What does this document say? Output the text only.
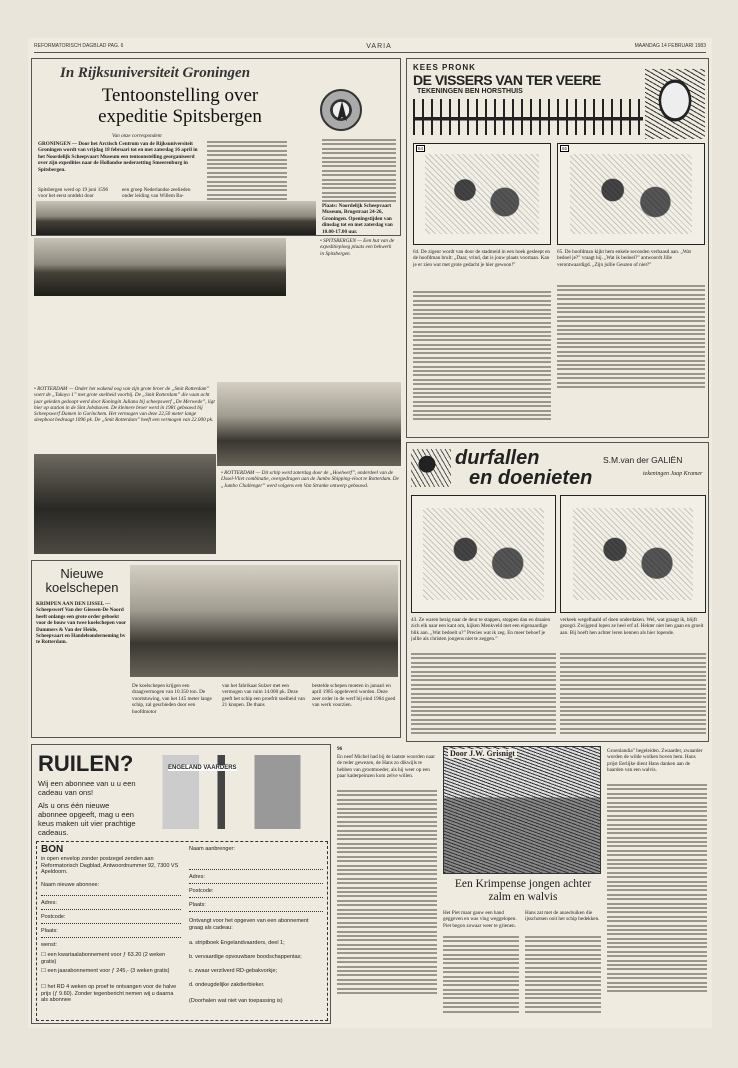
REFORMATORISCH DAGBLAD PAG. 6	VARIA	MAANDAG 14 FEBRUARI 1983
In Rijksuniversiteit Groningen
Tentoonstelling over expeditie Spitsbergen
Van onze correspondent
GRONINGEN — Door het Arctisch Centrum van de Rijksuniversiteit Groningen wordt van vrijdag 18 februari tot en met zaterdag 16 april in het Noordelijk Scheepvaart Museum een tentoonstelling georganiseerd over zijn expedities naar de Hollandse nederzetting Smeerenburg in Spitsbergen.
Spitsbergen werd op 19 juni 1596 voor het eerst ontdekt door
een groep Nederlandse zeelieden onder leiding van Willem Ba-
Plaats: Noordelijk Scheepvaart Museum, Brugstraat 24-26, Groningen. Openingstijden van dinsdag tot en met zaterdag van 10.00-17.00 uur.
• SPITSBERGEN — Een hut van de expeditieploeg plaats een bekwerk in Spitsbergen.
• ROTTERDAM — Onder het wakend oog van zijn grote broer de „Smit Rotterdam” voert de „Takoyo 1” met grote snelheid voorbij. De „Smit Rotterdam” die vaan acht jaar geleden gedoopt werd door Koningin Juliana bij scheepswerf „De Merwede”, ligt hier op station in de Sint Jobshaven. De kleinere broer werd in 1981 gebouwd bij Scheepswerf Damen in Gorinchem. Het vermogen van deze 22,50 meter lange sleepboot bedraagt 1096 pk. De „Smit Rotterdam” heeft een vermogen van 22.000 pk.
• ROTTERDAM — Dit schip werd zaterdag door de „Hoelwerf”, onderdeel van de IJssel-Vliet combinatie, overgedragen aan de Jumbo Shipping-vloot te Rotterdam. De „Jumbo Challenger” werd volgens een Van Stranke ontwerp gebouwd.
Nieuwe koelschepen
KRIMPEN AAN DEN IJSSEL — Scheepswerf Van der Giessen-De Noord heeft onlangs een grote order geboekt voor de bouw van twee koelschepen voor Dammers & Van der Heide, Scheepvaart en Handelsonderneming bv te Rotterdam.
De koelschepen krijgen een draagvermogen van 10.350 ton. De voortstuwing, van het 145 meter lange schip, zal geschieden door een hoofdmotor
van het fabrikaat Sulzer met een vermogen van ruim 14.000 pk. Deze geeft het schip een proefrit snelheid van 21 knopen. De thans
bestelde schepen moeten in januari en april 1985 opgeleverd worden. Deze zeer order in de werf bij eind 1984 goed van werk voorzien.
KEES PRONK
DE VISSERS VAN TER VEERE
TEKENINGEN BEN HORSTHUIS
64	65
64. De zigeur wordt van door de stadmeid in een hoek gesleept en de hoofdman brult: „Daar, vrind, dat is jouw plaats voortaan. Kan je er zien wat met grote gedacht je hier gewoon!”
65. De hoofdman kijkt hem enkele seconden verbaasd aan. „Wat bedoel je?” vraagt hij. „Wat ik bedoel?” antwoordt Jille verontwaardigd. „Zijn jullie Geuzen of niet?”
durfallen
en doenieten
S.M.van der GALIËN
tekeningen Jaap Kramer
43. Ze waren bezig naar de deur te stappen, stoppen dan en draaien zich elk naar een kant om, kijken Menkveld met een eigenaardige blik aan. „Wat bedoelt u?” Precies wat ik zeg. En meer behoef je jullie als christen jongens niet te zeggen.”
verkeek wegelhaald of doen onderdaken. Wel, wat graagt ik, blijft gezegd. Zwijgend lopen ze heel erf af. Hekter niet hen gaan en groeit aan. Bij hoeft hen achter leren kennen als hier lopende.
RUILEN?
Wij een abonnee van u u een cadeau van ons!
Als u ons één nieuwe abonnee opgeeft, mag u een keus maken uit vier prachtige cadeaus.
ENGELAND VAARDERS
BON
in open envelop zonder postzegel zenden aan Reformatorisch Dagblad, Antwoordnummer 92, 7300 VS Apeldoorn.
Naam nieuwe abonnee:
Adres:
Postcode:
Plaats:
wenst:
☐ een kwartaalabonnement voor ƒ 63.20 (2 weken gratis)
☐ een jaarabonnement voor ƒ 245,- (3 weken gratis)
☐ het RD 4 weken op proef te ontvangen voor de halve prijs (ƒ 9.60). Zonder tegenbericht nemen wij u daarna als abonnee
Naam aanbrenger:
Adres:
Postcode:
Plaats:
Ontvangt voor het opgeven van een abonnement graag als cadeau:
a. striptboek Engelandvaarders, deel 1;
b. vervaardige opvouwbare boodschappentas;
c. zwaar verzilverd RD-gebakvorkje;
d. ondeugdelijke zakdierbieker.
(Doorhalen wat niet van toepassing is)
96
En neef Michel had bij de laatste woorden naar de reder gewezen, de Hans zo dikwijls te hebben van grootmoeder, als hij weer op een paar kaderpeinzen kom zelve willen.
Door J.W. Grisnigt
Een Krimpense jongen achter zalm en walvis
Het Piet maar gauw een hand geggeven en was vlug weggelopen. Piet begon zowaar weer te grienen.
Hans zat met de anawbuiken die ijsschotsen ooit het schip bedekken.
Groenlandia” begeleiden. Zwaarder, zwaarder worden de wilde wolken boven hem. Hans prijst Eerlijke dient Hans danken aan de haarden van een walvis.
